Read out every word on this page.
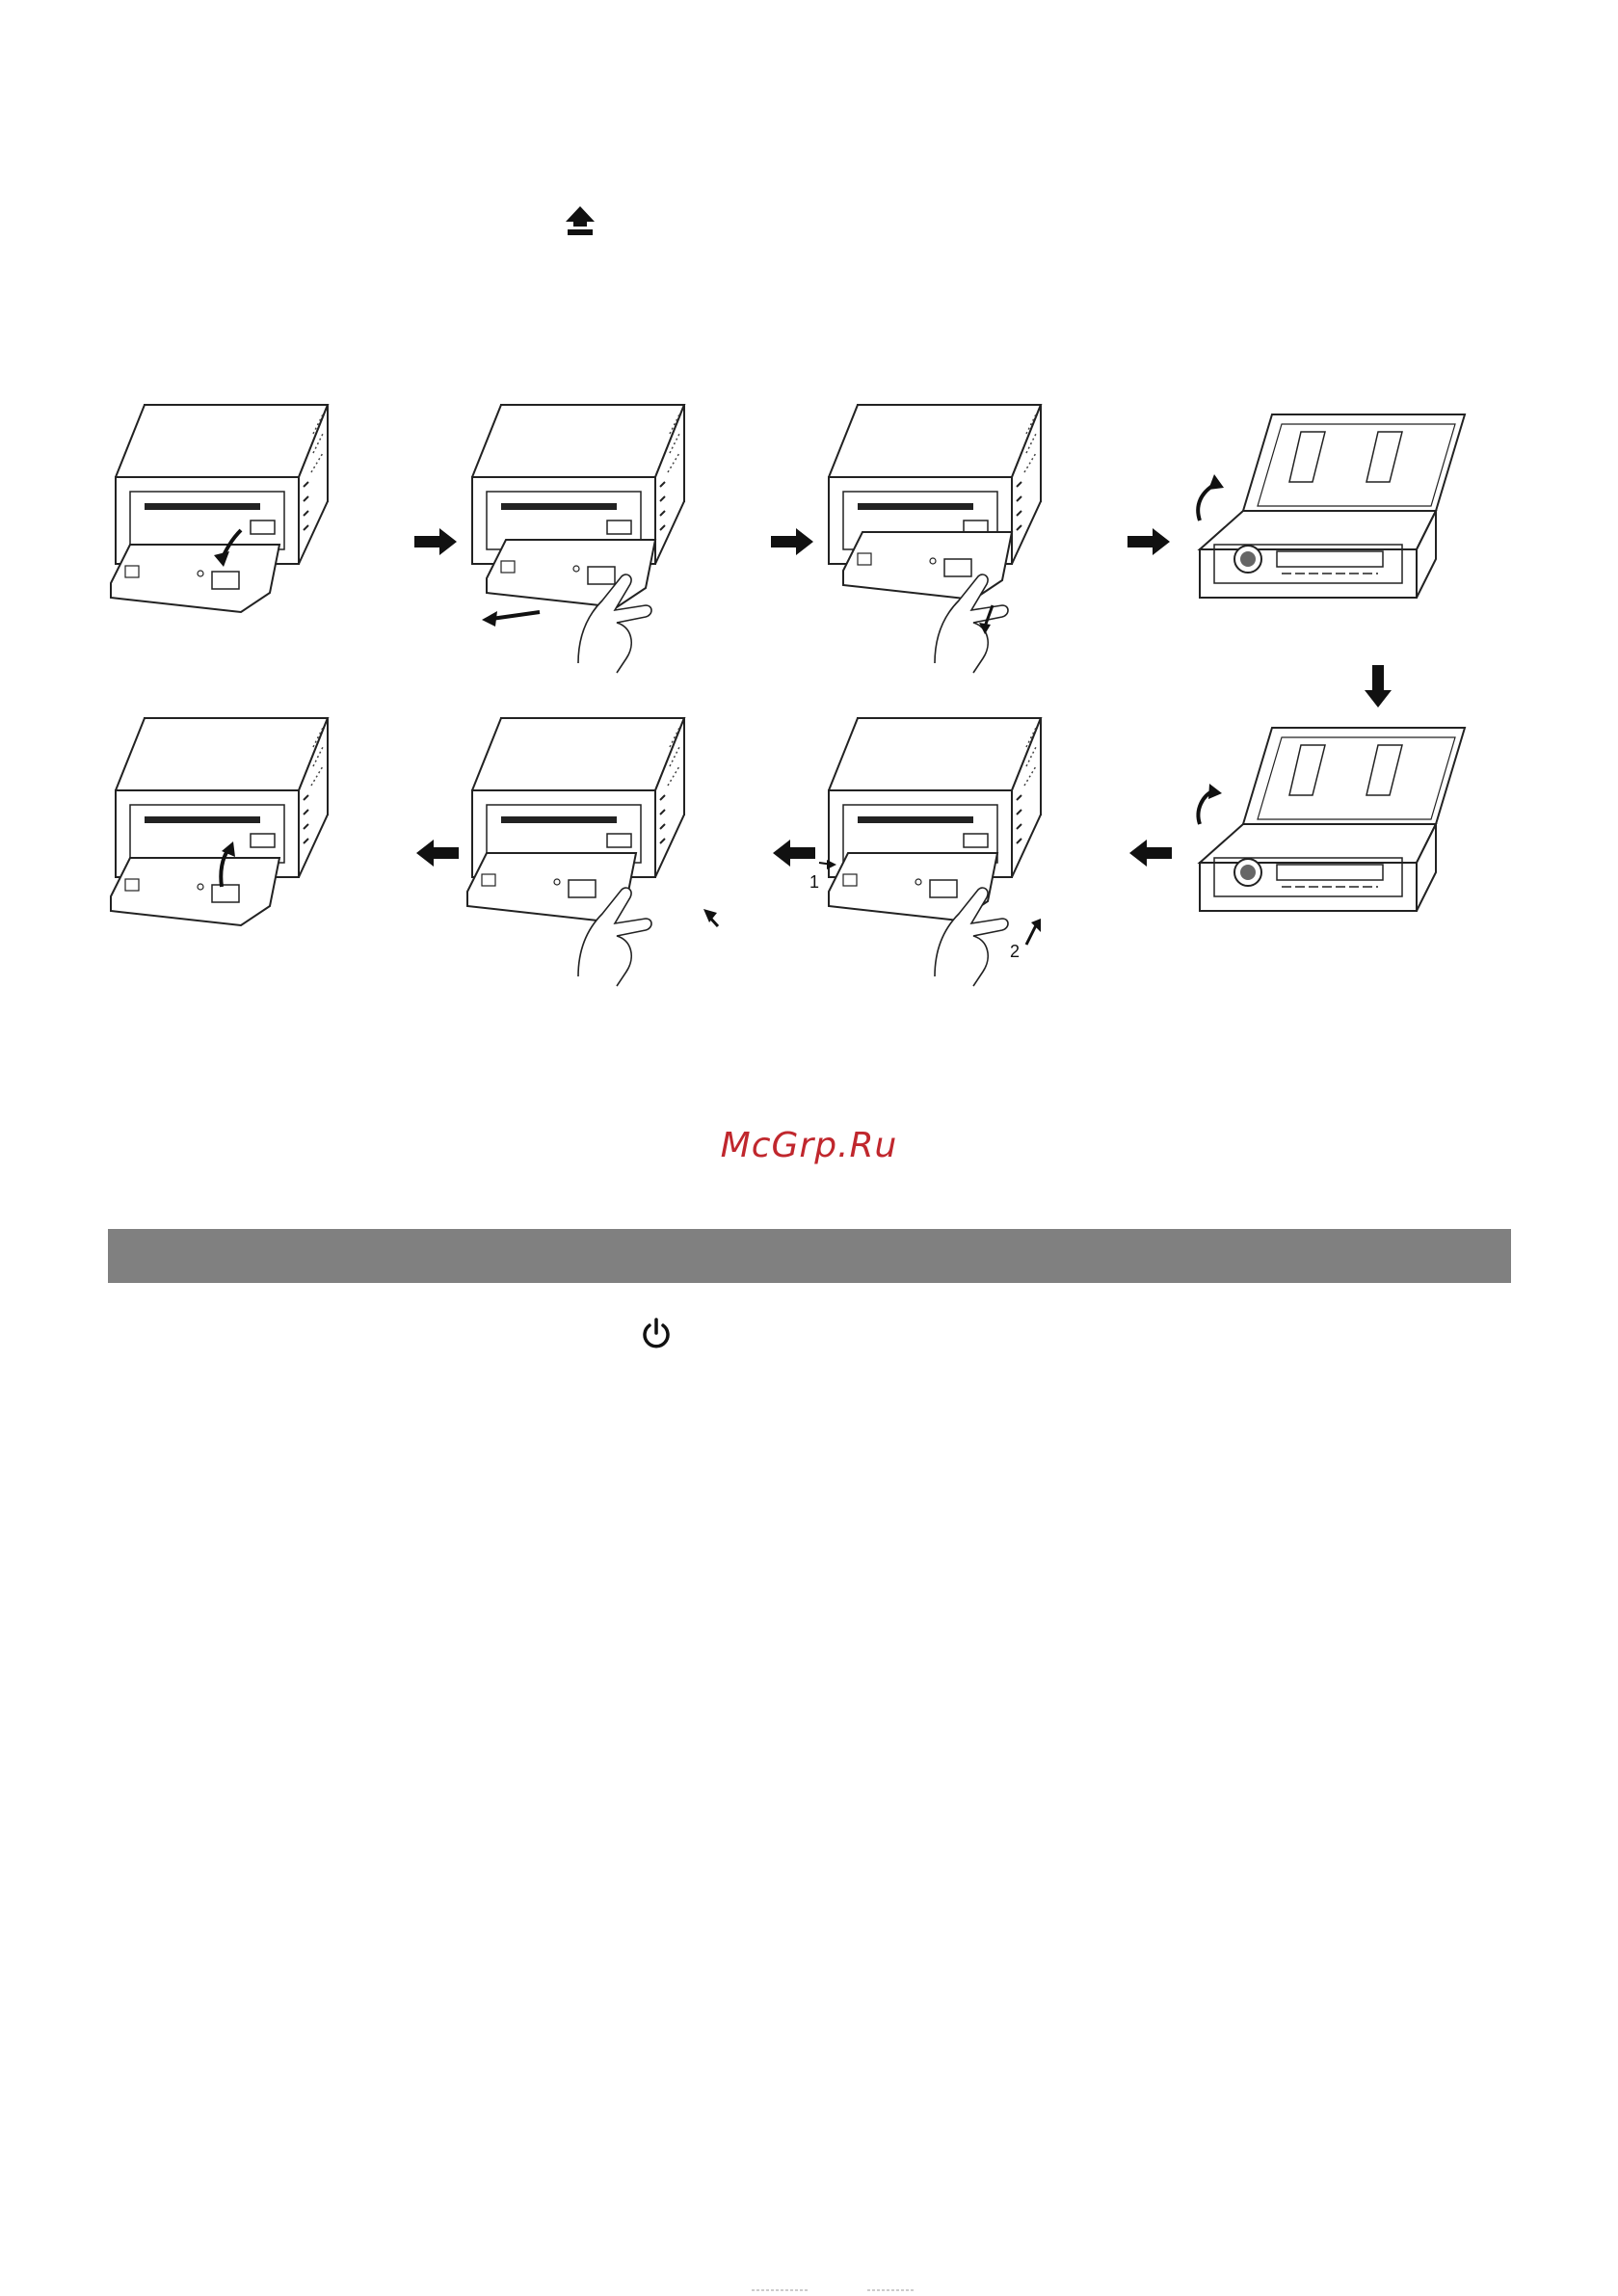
1
2
McGrp.Ru
